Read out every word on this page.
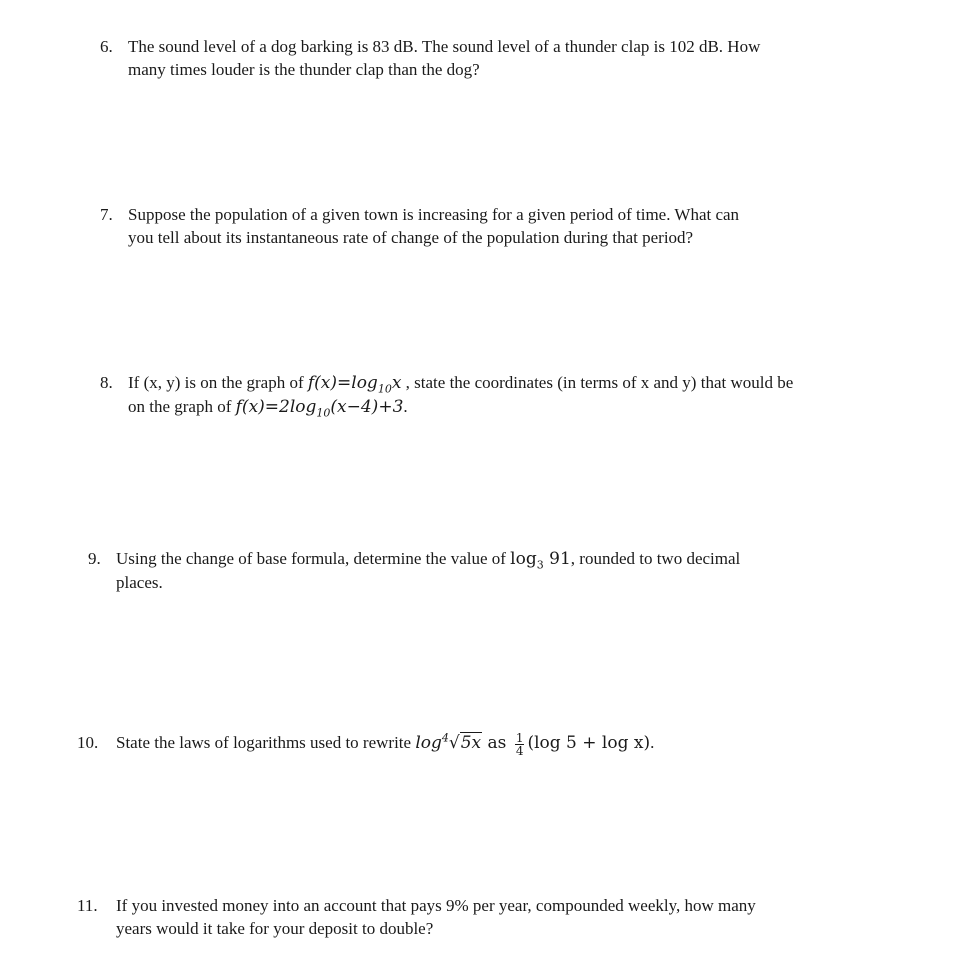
6. The sound level of a dog barking is 83 dB. The sound level of a thunder clap is 102 dB. How
many times louder is the thunder clap than the dog?
7. Suppose the population of a given town is increasing for a given period of time. What can
you tell about its instantaneous rate of change of the population during that period?
8. If (x, y) is on the graph of $f(x)=\log_{10}x$ , state the coordinates (in terms of x and y) that would be
on the graph of $f(x)=2\log_{10}(x-4)+3$.
9. Using the change of base formula, determine the value of $\log_3 91$, rounded to two decimal
places.
10. State the laws of logarithms used to rewrite $\log^4√5x$ as $\frac{1}{4} (\log$ 5 + log x).
11. If you invested money into an account that pays 9% per year, compounded weekly, how many
years would it take for your deposit to double?
